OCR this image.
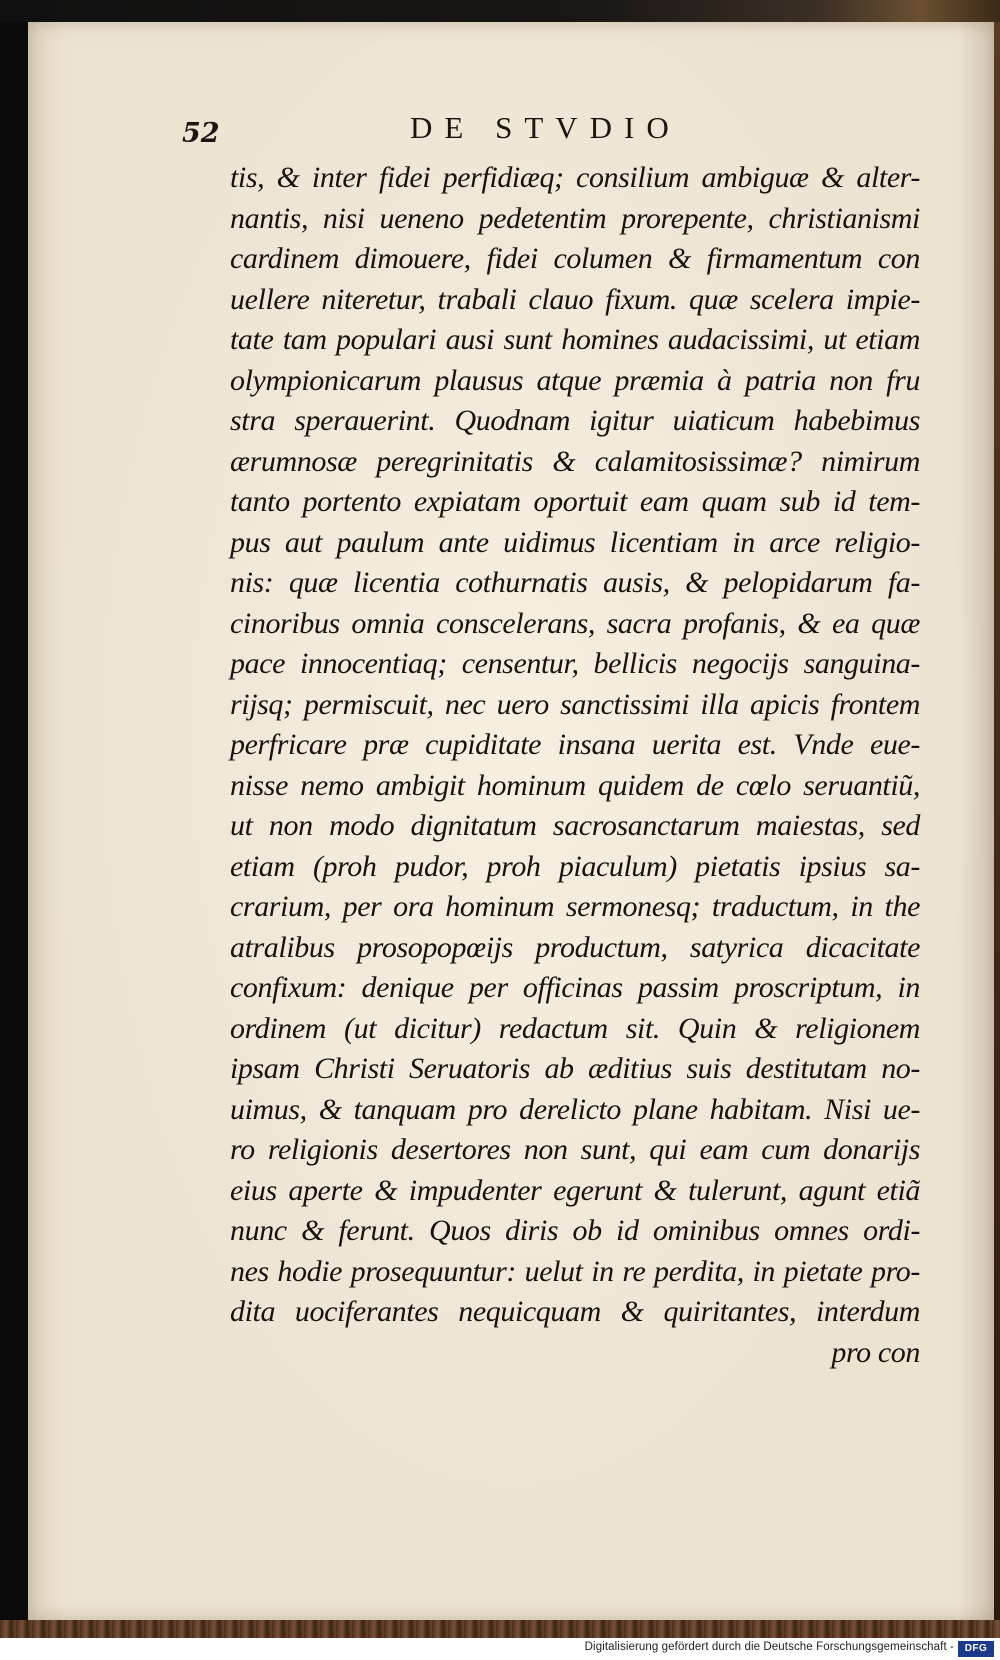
52	DE STVDIO
tis, & inter fidei perfidiæq; consilium ambiguæ & alter-
nantis, nisi ueneno pedetentim prorepente, christianismi
cardinem dimouere, fidei columen & firmamentum con
uellere niteretur, trabali clauo fixum. quæ scelera impie-
tate tam populari ausi sunt homines audacissimi, ut etiam
olympionicarum plausus atque præmia à patria non fru
stra sperauerint. Quodnam igitur uiaticum habebimus
ærumnosæ peregrinitatis & calamitosissimæ? nimirum
tanto portento expiatam oportuit eam quam sub id tem-
pus aut paulum ante uidimus licentiam in arce religio-
nis: quæ licentia cothurnatis ausis, & pelopidarum fa-
cinoribus omnia conscelerans, sacra profanis, & ea quæ
pace innocentiaq; censentur, bellicis negocijs sanguina-
rijsq; permiscuit, nec uero sanctissimi illa apicis frontem
perfricare præ cupiditate insana uerita est. Vnde eue-
nisse nemo ambigit hominum quidem de cœlo seruantiũ,
ut non modo dignitatum sacrosanctarum maiestas, sed
etiam (proh pudor, proh piaculum) pietatis ipsius sa-
crarium, per ora hominum sermonesq; traductum, in the
atralibus prosopopœijs productum, satyrica dicacitate
confixum: denique per officinas passim proscriptum, in
ordinem (ut dicitur) redactum sit. Quin & religionem
ipsam Christi Seruatoris ab æditius suis destitutam no-
uimus, & tanquam pro derelicto plane habitam. Nisi ue-
ro religionis desertores non sunt, qui eam cum donarijs
eius aperte & impudenter egerunt & tulerunt, agunt etiã
nunc & ferunt. Quos diris ob id ominibus omnes ordi-
nes hodie prosequuntur: uelut in re perdita, in pietate pro-
dita uociferantes nequicquam & quiritantes, interdum
pro con
Digitalisierung gefördert durch die Deutsche Forschungsgemeinschaft -	DFG
